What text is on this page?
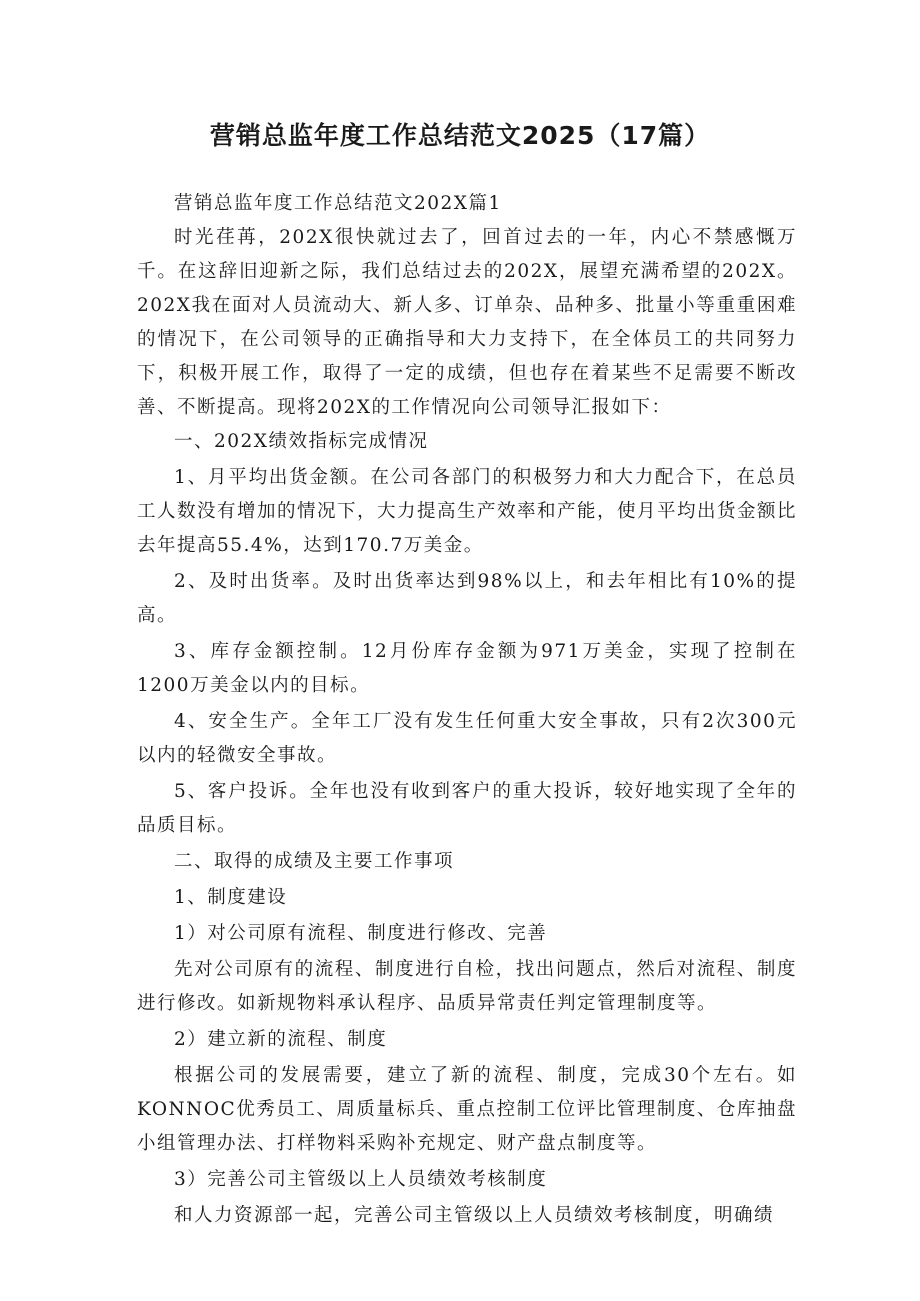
营销总监年度工作总结范文2025（17篇）

营销总监年度工作总结范文202X篇1

时光荏苒，202X很快就过去了，回首过去的一年，内心不禁感慨万千。在这辞旧迎新之际，我们总结过去的202X，展望充满希望的202X。202X我在面对人员流动大、新人多、订单杂、品种多、批量小等重重困难的情况下，在公司领导的正确指导和大力支持下，在全体员工的共同努力下，积极开展工作，取得了一定的成绩，但也存在着某些不足需要不断改善、不断提高。现将202X的工作情况向公司领导汇报如下：

一、202X绩效指标完成情况

1、月平均出货金额。在公司各部门的积极努力和大力配合下，在总员工人数没有增加的情况下，大力提高生产效率和产能，使月平均出货金额比去年提高55.4%，达到170.7万美金。

2、及时出货率。及时出货率达到98%以上，和去年相比有10%的提高。

3、库存金额控制。12月份库存金额为971万美金，实现了控制在1200万美金以内的目标。

4、安全生产。全年工厂没有发生任何重大安全事故，只有2次300元以内的轻微安全事故。

5、客户投诉。全年也没有收到客户的重大投诉，较好地实现了全年的品质目标。

二、取得的成绩及主要工作事项

1、制度建设

1）对公司原有流程、制度进行修改、完善

先对公司原有的流程、制度进行自检，找出问题点，然后对流程、制度进行修改。如新规物料承认程序、品质异常责任判定管理制度等。

2）建立新的流程、制度

根据公司的发展需要，建立了新的流程、制度，完成30个左右。如KONNOC优秀员工、周质量标兵、重点控制工位评比管理制度、仓库抽盘小组管理办法、打样物料采购补充规定、财产盘点制度等。

3）完善公司主管级以上人员绩效考核制度

和人力资源部一起，完善公司主管级以上人员绩效考核制度，明确绩
